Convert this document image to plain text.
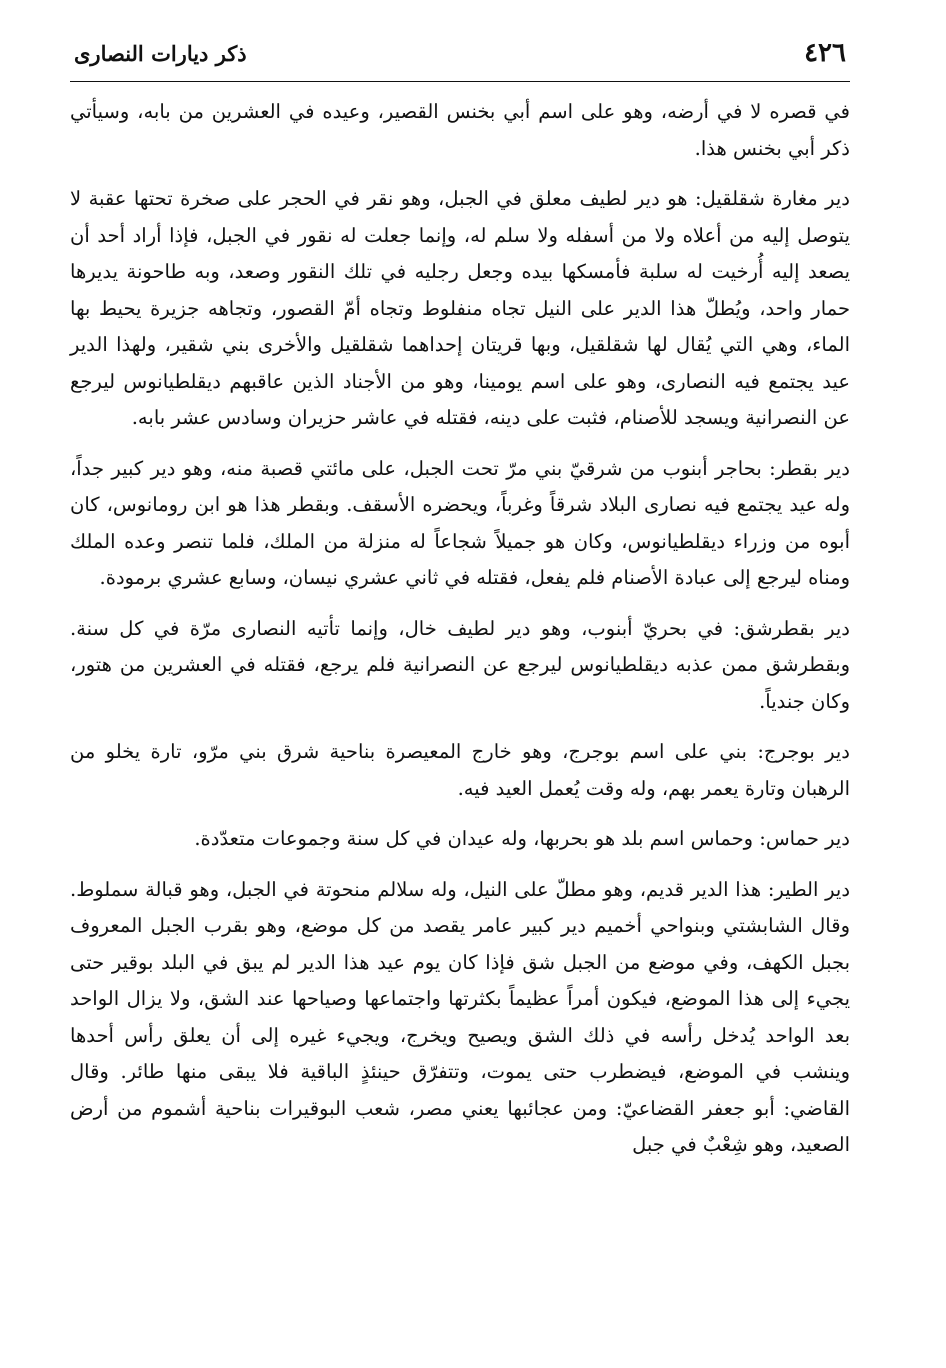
٤٢٦
ذكر ديارات النصارى

في قصره لا في أرضه، وهو على اسم أبي بخنس القصير، وعيده في العشرين من بابه، وسيأتي ذكر أبي بخنس هذا.

دير مغارة شقلقيل: هو دير لطيف معلق في الجبل، وهو نقر في الحجر على صخرة تحتها عقبة لا يتوصل إليه من أعلاه ولا من أسفله ولا سلم له، وإنما جعلت له نقور في الجبل، فإذا أراد أحد أن يصعد إليه أُرخيت له سلبة فأمسكها بيده وجعل رجليه في تلك النقور وصعد، وبه طاحونة يديرها حمار واحد، ويُطلّ هذا الدير على النيل تجاه منفلوط وتجاه أمّ القصور، وتجاهه جزيرة يحيط بها الماء، وهي التي يُقال لها شقلقيل، وبها قريتان إحداهما شقلقيل والأخرى بني شقير، ولهذا الدير عيد يجتمع فيه النصارى، وهو على اسم يومينا، وهو من الأجناد الذين عاقبهم ديقلطيانوس ليرجع عن النصرانية ويسجد للأصنام، فثبت على دينه، فقتله في عاشر حزيران وسادس عشر بابه.

دير بقطر: بحاجر أبنوب من شرقيّ بني مرّ تحت الجبل، على مائتي قصبة منه، وهو دير كبير جداً، وله عيد يجتمع فيه نصارى البلاد شرقاً وغرباً، ويحضره الأسقف. وبقطر هذا هو ابن رومانوس، كان أبوه من وزراء ديقلطيانوس، وكان هو جميلاً شجاعاً له منزلة من الملك، فلما تنصر وعده الملك ومناه ليرجع إلى عبادة الأصنام فلم يفعل، فقتله في ثاني عشري نيسان، وسابع عشري برمودة.

دير بقطرشق: في بحريّ أبنوب، وهو دير لطيف خال، وإنما تأتيه النصارى مرّة في كل سنة. وبقطرشق ممن عذبه ديقلطيانوس ليرجع عن النصرانية فلم يرجع، فقتله في العشرين من هتور، وكان جندياً.

دير بوجرج: بني على اسم بوجرج، وهو خارج المعيصرة بناحية شرق بني مرّو، تارة يخلو من الرهبان وتارة يعمر بهم، وله وقت يُعمل العيد فيه.

دير حماس: وحماس اسم بلد هو بحربها، وله عيدان في كل سنة وجموعات متعدّدة.

دير الطير: هذا الدير قديم، وهو مطلّ على النيل، وله سلالم منحوتة في الجبل، وهو قبالة سملوط. وقال الشابشتي وبنواحي أخميم دير كبير عامر يقصد من كل موضع، وهو بقرب الجبل المعروف بجبل الكهف، وفي موضع من الجبل شق فإذا كان يوم عيد هذا الدير لم يبق في البلد بوقير حتى يجيء إلى هذا الموضع، فيكون أمراً عظيماً بكثرتها واجتماعها وصياحها عند الشق، ولا يزال الواحد بعد الواحد يُدخل رأسه في ذلك الشق ويصيح ويخرج، ويجيء غيره إلى أن يعلق رأس أحدها وينشب في الموضع، فيضطرب حتى يموت، وتتفرّق حينئذٍ الباقية فلا يبقى منها طائر. وقال القاضي: أبو جعفر القضاعيّ: ومن عجائبها يعني مصر، شعب البوقيرات بناحية أشموم من أرض الصعيد، وهو شِعْبٌ في جبل
